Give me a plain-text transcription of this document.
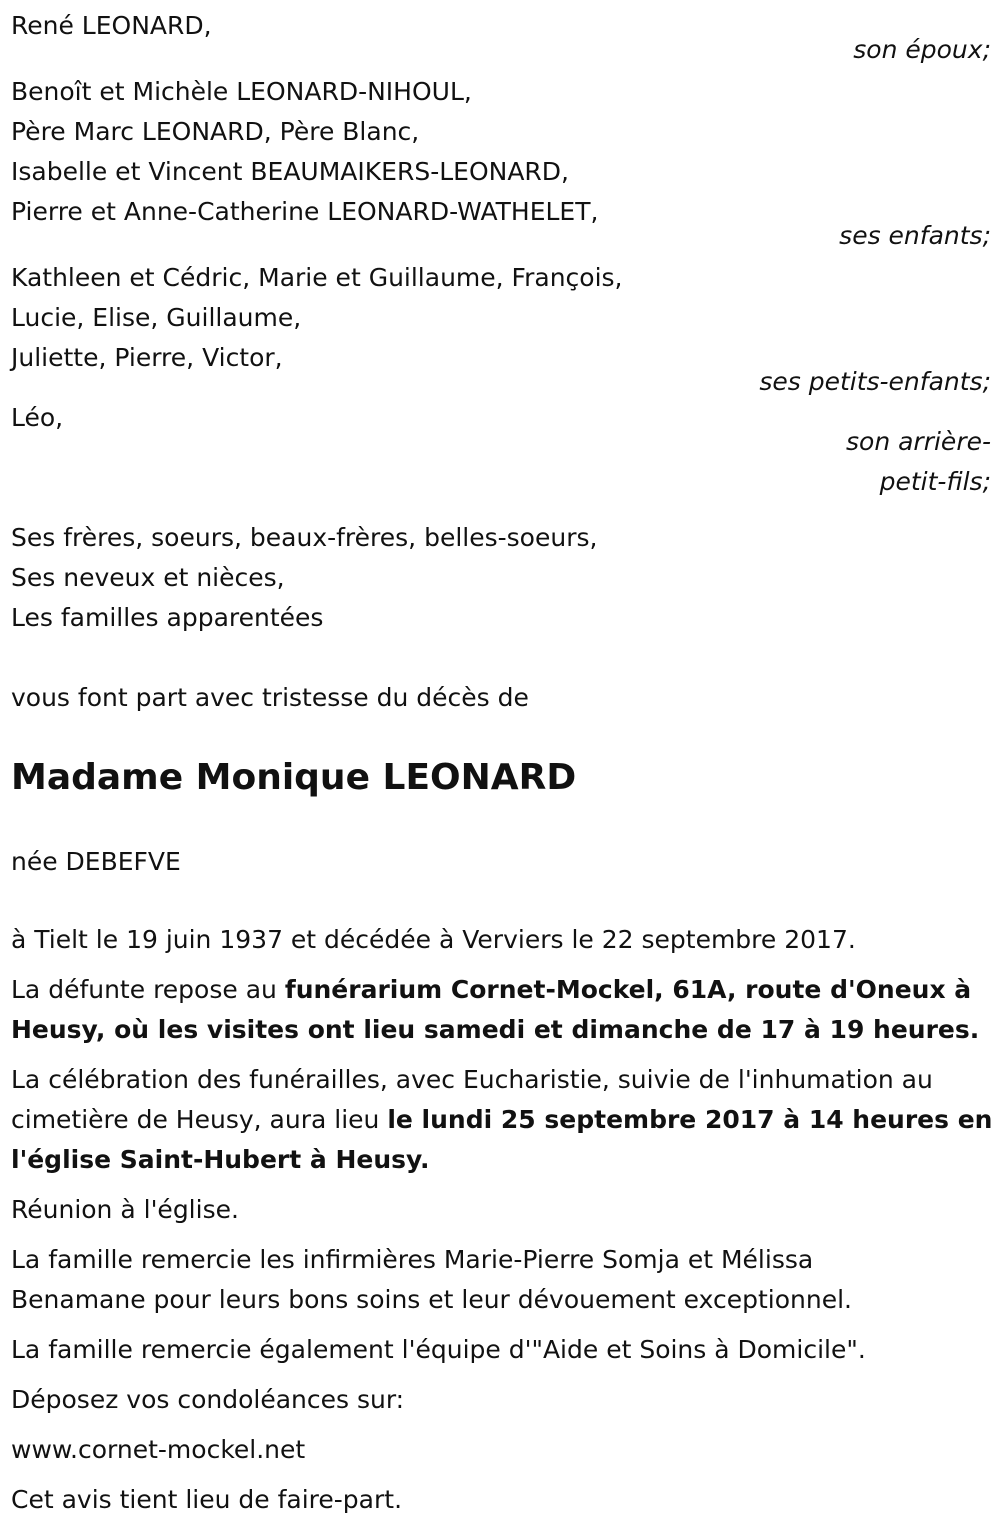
René LEONARD,
son époux;
Benoît et Michèle LEONARD-NIHOUL,
Père Marc LEONARD, Père Blanc,
Isabelle et Vincent BEAUMAIKERS-LEONARD,
Pierre et Anne-Catherine LEONARD-WATHELET,
ses enfants;
Kathleen et Cédric, Marie et Guillaume, François,
Lucie, Elise, Guillaume,
Juliette, Pierre, Victor,
ses petits-enfants;
Léo,
son arrière-
petit-fils;
Ses frères, soeurs, beaux-frères, belles-soeurs,
Ses neveux et nièces,
Les familles apparentées
vous font part avec tristesse du décès de
Madame Monique LEONARD
née DEBEFVE
à Tielt le 19 juin 1937 et décédée à Verviers le 22 septembre 2017.
La défunte repose au funérarium Cornet-Mockel, 61A, route d'Oneux à
Heusy, où les visites ont lieu samedi et dimanche de 17 à 19 heures.
La célébration des funérailles, avec Eucharistie, suivie de l'inhumation au
cimetière de Heusy, aura lieu le lundi 25 septembre 2017 à 14 heures en
l'église Saint-Hubert à Heusy.
Réunion à l'église.
La famille remercie les infirmières Marie-Pierre Somja et Mélissa
Benamane pour leurs bons soins et leur dévouement exceptionnel.
La famille remercie également l'équipe d'"Aide et Soins à Domicile".
Déposez vos condoléances sur:
www.cornet-mockel.net
Cet avis tient lieu de faire-part.
